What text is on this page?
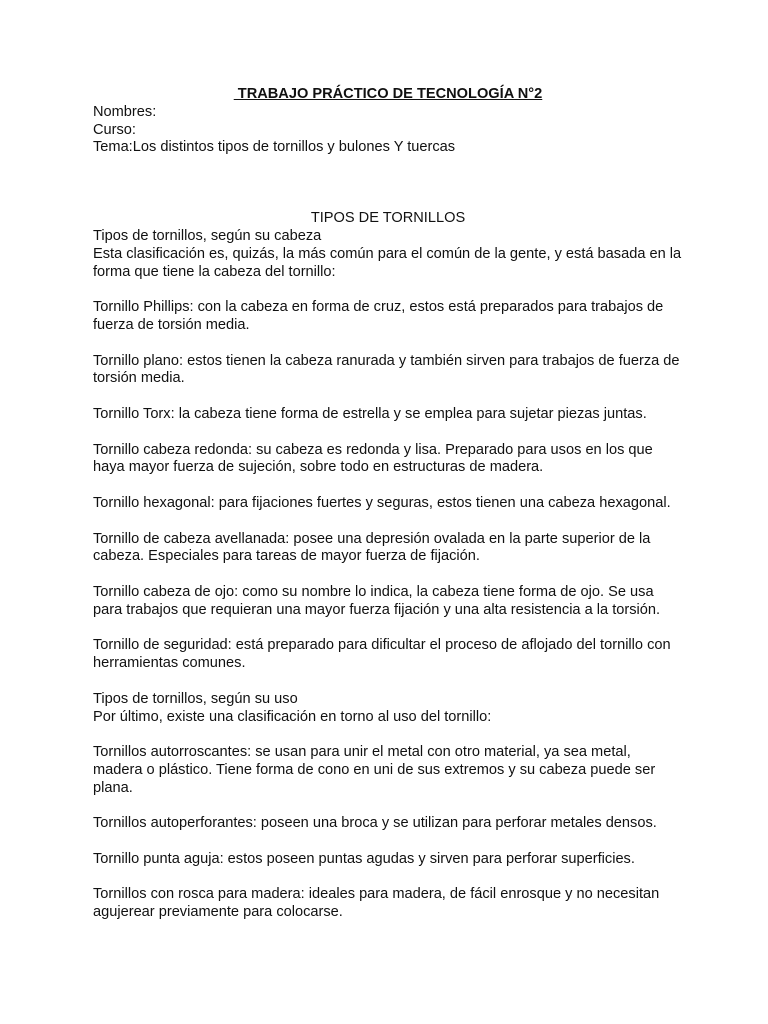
TRABAJO PRÁCTICO DE TECNOLOGÍA N°2
Nombres:
Curso:
Tema:Los distintos tipos de tornillos y bulones Y tuercas
TIPOS DE TORNILLOS
Tipos de tornillos, según su cabeza
Esta clasificación es, quizás, la más común para el común de la gente, y está basada en la forma que tiene la cabeza del tornillo:
Tornillo Phillips: con la cabeza en forma de cruz, estos está preparados para trabajos de fuerza de torsión media.
Tornillo plano: estos tienen la cabeza ranurada y también sirven para trabajos de fuerza de torsión media.
Tornillo Torx: la cabeza tiene forma de estrella y se emplea para sujetar piezas juntas.
Tornillo cabeza redonda: su cabeza es redonda y lisa. Preparado para usos en los que haya mayor fuerza de sujeción, sobre todo en estructuras de madera.
Tornillo hexagonal: para fijaciones fuertes y seguras, estos tienen una cabeza hexagonal.
Tornillo de cabeza avellanada: posee una depresión ovalada en la parte superior de la cabeza. Especiales para tareas de mayor fuerza de fijación.
Tornillo cabeza de ojo: como su nombre lo indica, la cabeza tiene forma de ojo. Se usa para trabajos que requieran una mayor fuerza fijación y una alta resistencia a la torsión.
Tornillo de seguridad: está preparado para dificultar el proceso de aflojado del tornillo con herramientas comunes.
Tipos de tornillos, según su uso
Por último, existe una clasificación en torno al uso del tornillo:
Tornillos autorroscantes: se usan para unir el metal con otro material, ya sea metal, madera o plástico. Tiene forma de cono en uni de sus extremos y su cabeza puede ser plana.
Tornillos autoperforantes: poseen una broca y se utilizan para perforar metales densos.
Tornillo punta aguja: estos poseen puntas agudas y sirven para perforar superficies.
Tornillos con rosca para madera: ideales para madera, de fácil enrosque y no necesitan agujerear previamente para colocarse.
